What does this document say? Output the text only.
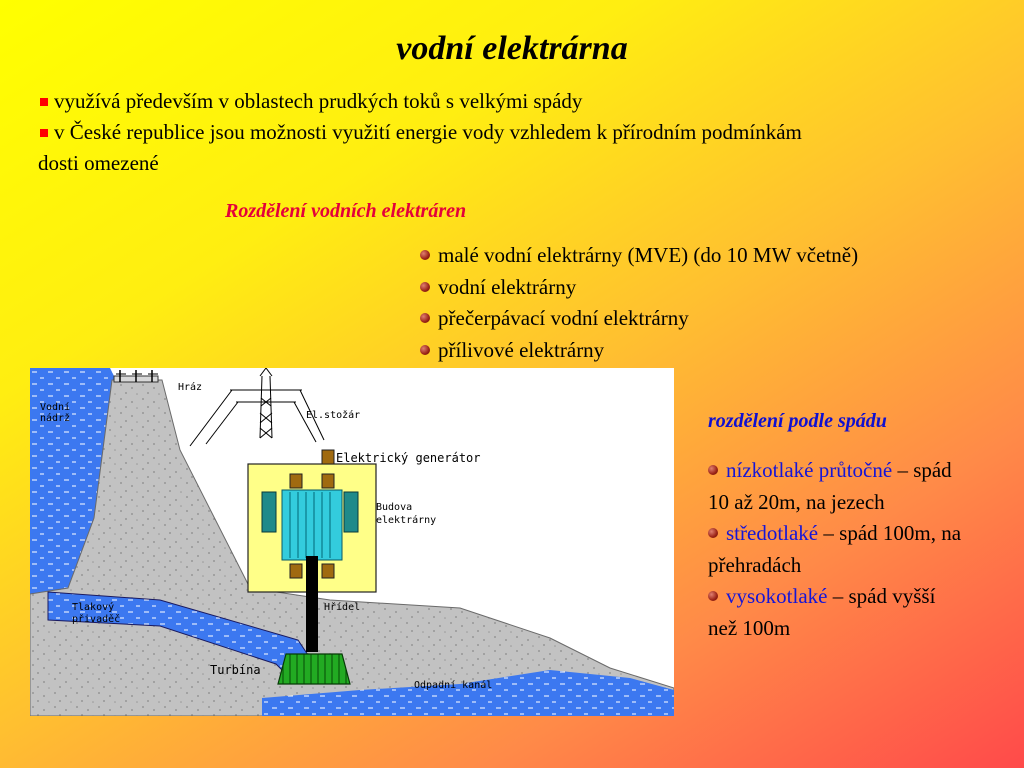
vodní elektrárna
využívá především v oblastech prudkých toků s velkými spády
v České republice jsou možnosti využití energie vody vzhledem k přírodním podmínkám
dosti omezené
Rozdělení vodních elektráren
malé vodní elektrárny (MVE) (do 10 MW včetně)
vodní elektrárny
přečerpávací vodní elektrárny
přílivové elektrárny
rozdělení podle spádu
nízkotlaké průtočné – spád 10 až 20m, na jezech
středotlaké – spád 100m, na přehradách
vysokotlaké – spád vyšší než 100m
Vodní
nádrž
Hráz
El.stožár
Elektrický generátor
Budova
elektrárny
Tlakový
přivaděč
Hřídel
Turbína
Odpadní kanál
